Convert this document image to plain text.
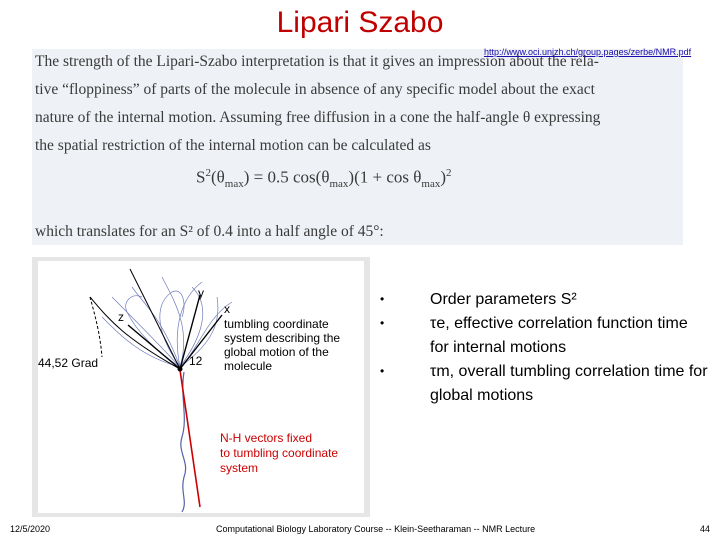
Lipari Szabo
The strength of the Lipari-Szabo interpretation is that it gives an impression about the rela-
tive “floppiness” of parts of the molecule in absence of any specific model about the exact
nature of the internal motion. Assuming free diffusion in a cone the half-angle θ expressing
the spatial restriction of the internal motion can be calculated as
which translates for an S² of 0.4 into a half angle of 45°:
$S^2(\theta_{max}) = 0.5$ $\cos(\theta_{max})(1 + \cos \theta_{max})^2$
http://www.oci.unizh.ch/group.pages/zerbe/NMR.pdf
y
x
z
12
44,52 Grad
tumbling coordinate
system describing the
global motion of the
molecule
N-H vectors fixed
to tumbling coordinate
system
•	Order parameters S²
•	τe, effective correlation function time for internal motions
•	τm, overall tumbling correlation time for global motions
12/5/2020	Computational Biology Laboratory Course -- Klein-Seetharaman -- NMR Lecture	44
